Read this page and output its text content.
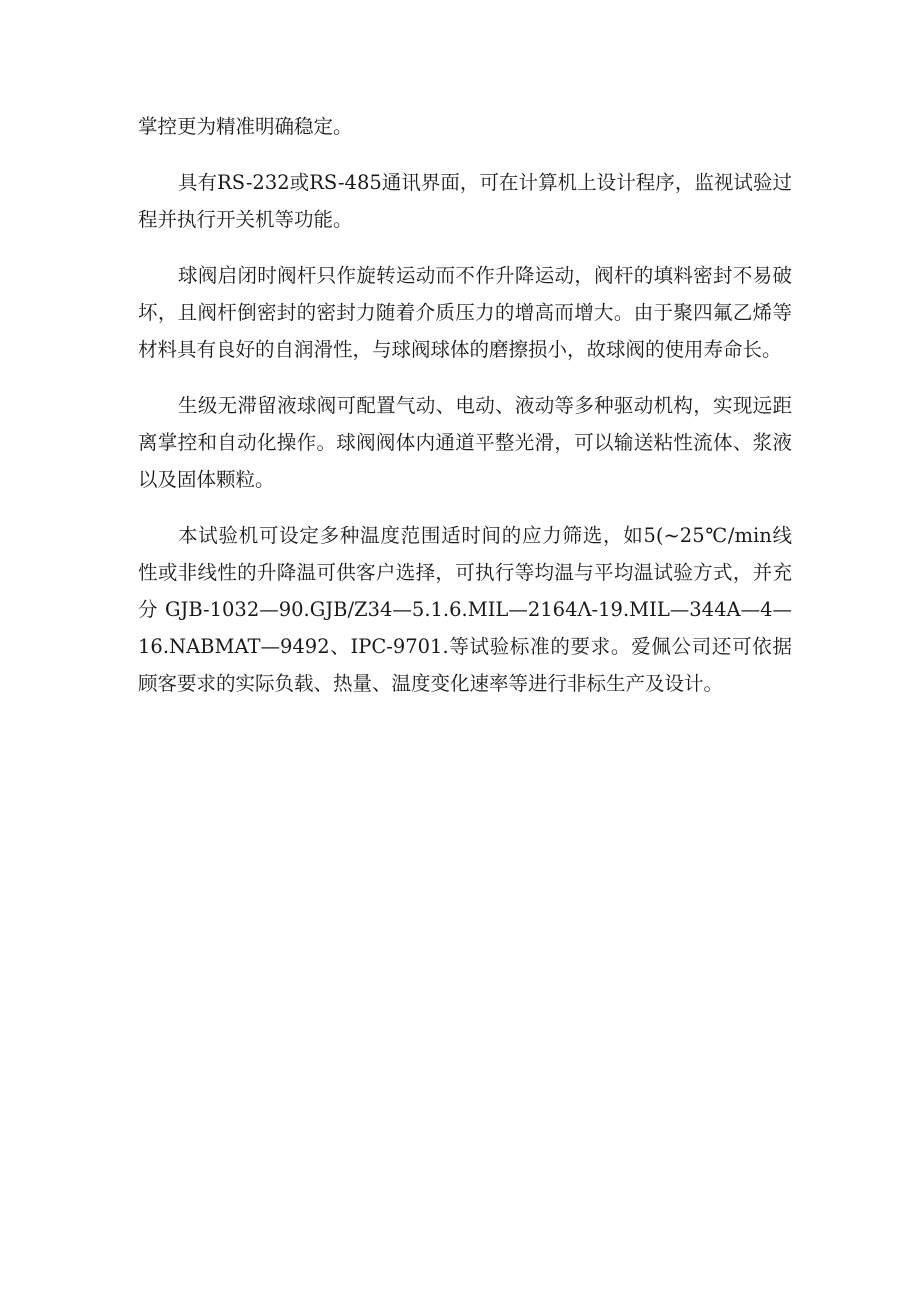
掌控更为精准明确稳定。

具有RS-232或RS-485通讯界面，可在计算机上设计程序，监视试验过程并执行开关机等功能。

球阀启闭时阀杆只作旋转运动而不作升降运动，阀杆的填料密封不易破坏，且阀杆倒密封的密封力随着介质压力的增高而增大。由于聚四氟乙烯等材料具有良好的自润滑性，与球阀球体的磨擦损小，故球阀的使用寿命长。

生级无滞留液球阀可配置气动、电动、液动等多种驱动机构，实现远距离掌控和自动化操作。球阀阀体内通道平整光滑，可以输送粘性流体、浆液以及固体颗粒。

本试验机可设定多种温度范围适时间的应力筛选，如5(~25℃/min线性或非线性的升降温可供客户选择，可执行等均温与平均温试验方式，并充分 GJB-1032—90.GJB/Z34—5.1.6.MIL—2164Λ-19.MIL—344A—4—16.NABMAT—9492、IPC-9701.等试验标准的要求。爱佩公司还可依据顾客要求的实际负载、热量、温度变化速率等进行非标生产及设计。
